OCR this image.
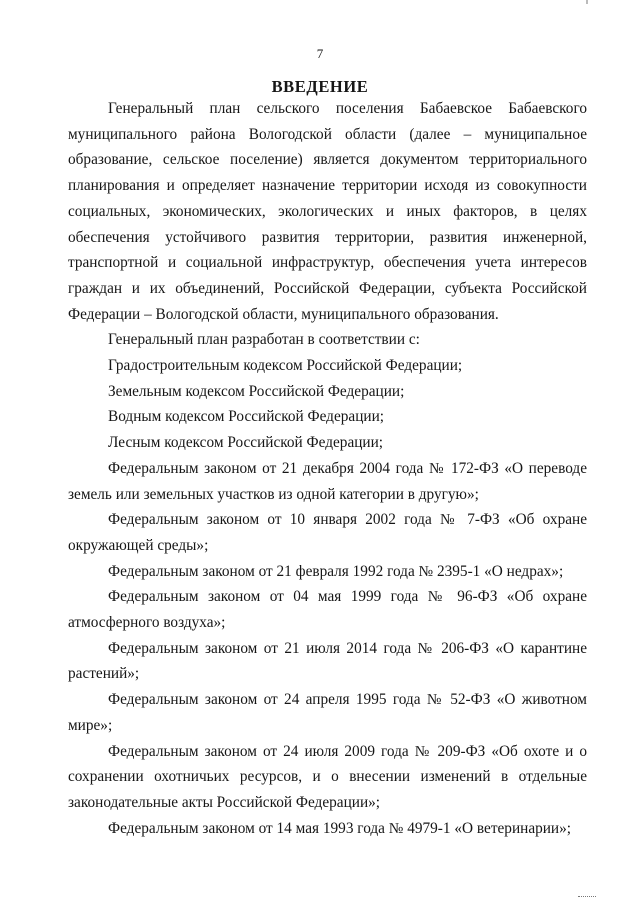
7
ВВЕДЕНИЕ

Генеральный план сельского поселения Бабаевское Бабаевского муниципального района Вологодской области (далее – муниципальное образование, сельское поселение) является документом территориального планирования и определяет назначение территории исходя из совокупности социальных, экономических, экологических и иных факторов, в целях обеспечения устойчивого развития территории, развития инженерной, транспортной и социальной инфраструктур, обеспечения учета интересов граждан и их объединений, Российской Федерации, субъекта Российской Федерации – Вологодской области, муниципального образования.

Генеральный план разработан в соответствии с:

Градостроительным кодексом Российской Федерации;

Земельным кодексом Российской Федерации;

Водным кодексом Российской Федерации;

Лесным кодексом Российской Федерации;

Федеральным законом от 21 декабря 2004 года № 172-ФЗ «О переводе земель или земельных участков из одной категории в другую»;

Федеральным законом от 10 января 2002 года № 7-ФЗ «Об охране окружающей среды»;

Федеральным законом от 21 февраля 1992 года № 2395-1 «О недрах»;

Федеральным законом от 04 мая 1999 года № 96-ФЗ «Об охране атмосферного воздуха»;

Федеральным законом от 21 июля 2014 года № 206-ФЗ «О карантине растений»;

Федеральным законом от 24 апреля 1995 года № 52-ФЗ «О животном мире»;

Федеральным законом от 24 июля 2009 года № 209-ФЗ «Об охоте и о сохранении охотничьих ресурсов, и о внесении изменений в отдельные законодательные акты Российской Федерации»;

Федеральным законом от 14 мая 1993 года № 4979-1 «О ветеринарии»;
